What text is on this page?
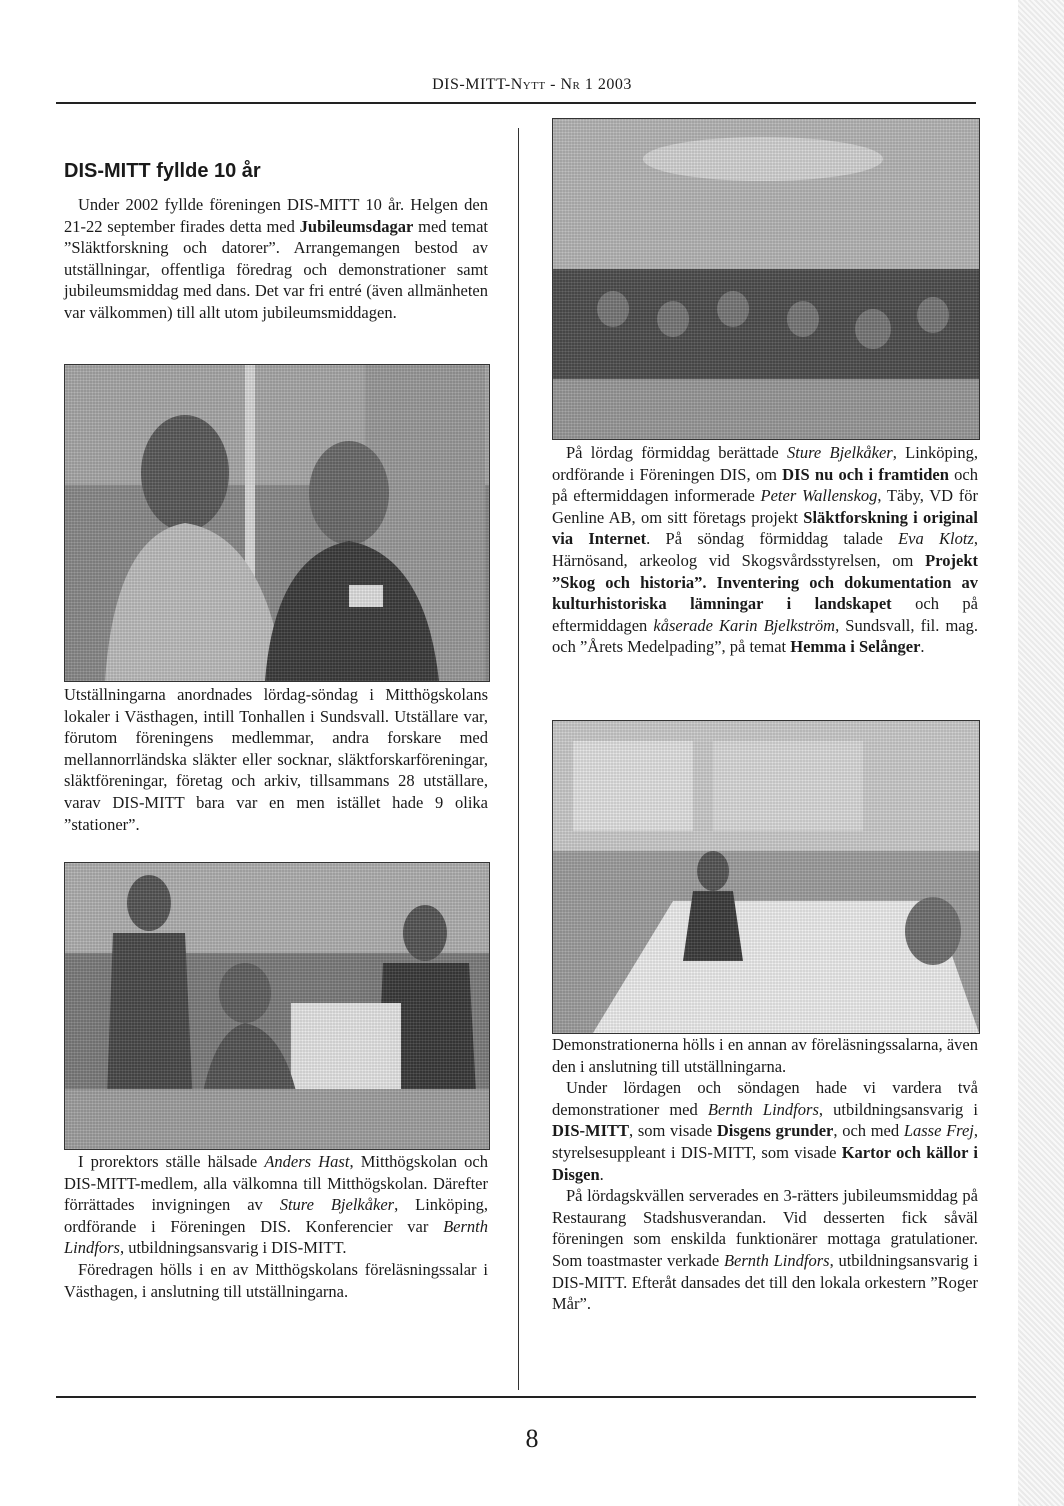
DIS-MITT-Nytt - Nr 1 2003
DIS-MITT fyllde 10 år

Under 2002 fyllde föreningen DIS-MITT 10 år. Helgen den 21-22 september firades detta med Jubileumsdagar med temat ”Släktforskning och datorer”. Arrangemangen bestod av utställningar, offentliga föredrag och demonstrationer samt jubileumsmiddag med dans. Det var fri entré (även allmänheten var välkommen) till allt utom jubileumsmiddagen.

Utställningarna anordnades lördag-söndag i Mitthögskolans lokaler i Västhagen, intill Tonhallen i Sundsvall. Utställare var, förutom föreningens medlemmar, andra forskare med mellannorrländska släkter eller socknar, släktforskarföreningar, släktföreningar, företag och arkiv, tillsammans 28 utställare, varav DIS-MITT bara var en men istället hade 9 olika ”stationer”.

I prorektors ställe hälsade Anders Hast, Mitthögskolan och DIS-MITT-medlem, alla välkomna till Mitthögskolan. Därefter förrättades invigningen av Sture Bjelkåker, Linköping, ordförande i Föreningen DIS. Konferencier var Bernth Lindfors, utbildningsansvarig i DIS-MITT.

Föredragen hölls i en av Mitthögskolans föreläsningssalar i Västhagen, i anslutning till utställningarna.

På lördag förmiddag berättade Sture Bjelkåker, Linköping, ordförande i Föreningen DIS, om DIS nu och i framtiden och på eftermiddagen informerade Peter Wallenskog, Täby, VD för Genline AB, om sitt företags projekt Släktforskning i original via Internet. På söndag förmiddag talade Eva Klotz, Härnösand, arkeolog vid Skogsvårdsstyrelsen, om Projekt ”Skog och historia”. Inventering och dokumentation av kulturhistoriska lämningar i landskapet och på eftermiddagen kåserade Karin Bjelkström, Sundsvall, fil. mag. och ”Årets Medelpading”, på temat Hemma i Selånger.

Demonstrationerna hölls i en annan av föreläsningssalarna, även den i anslutning till utställningarna.

Under lördagen och söndagen hade vi vardera två demonstrationer med Bernth Lindfors, utbildningsansvarig i DIS-MITT, som visade Disgens grunder, och med Lasse Frej, styrelsesuppleant i DIS-MITT, som visade Kartor och källor i Disgen.

På lördagskvällen serverades en 3-rätters jubileumsmiddag på Restaurang Stadshusverandan. Vid desserten fick såväl föreningen som enskilda funktionärer mottaga gratulationer. Som toastmaster verkade Bernth Lindfors, utbildningsansvarig i DIS-MITT. Efteråt dansades det till den lokala orkestern ”Roger Mår”.

8
